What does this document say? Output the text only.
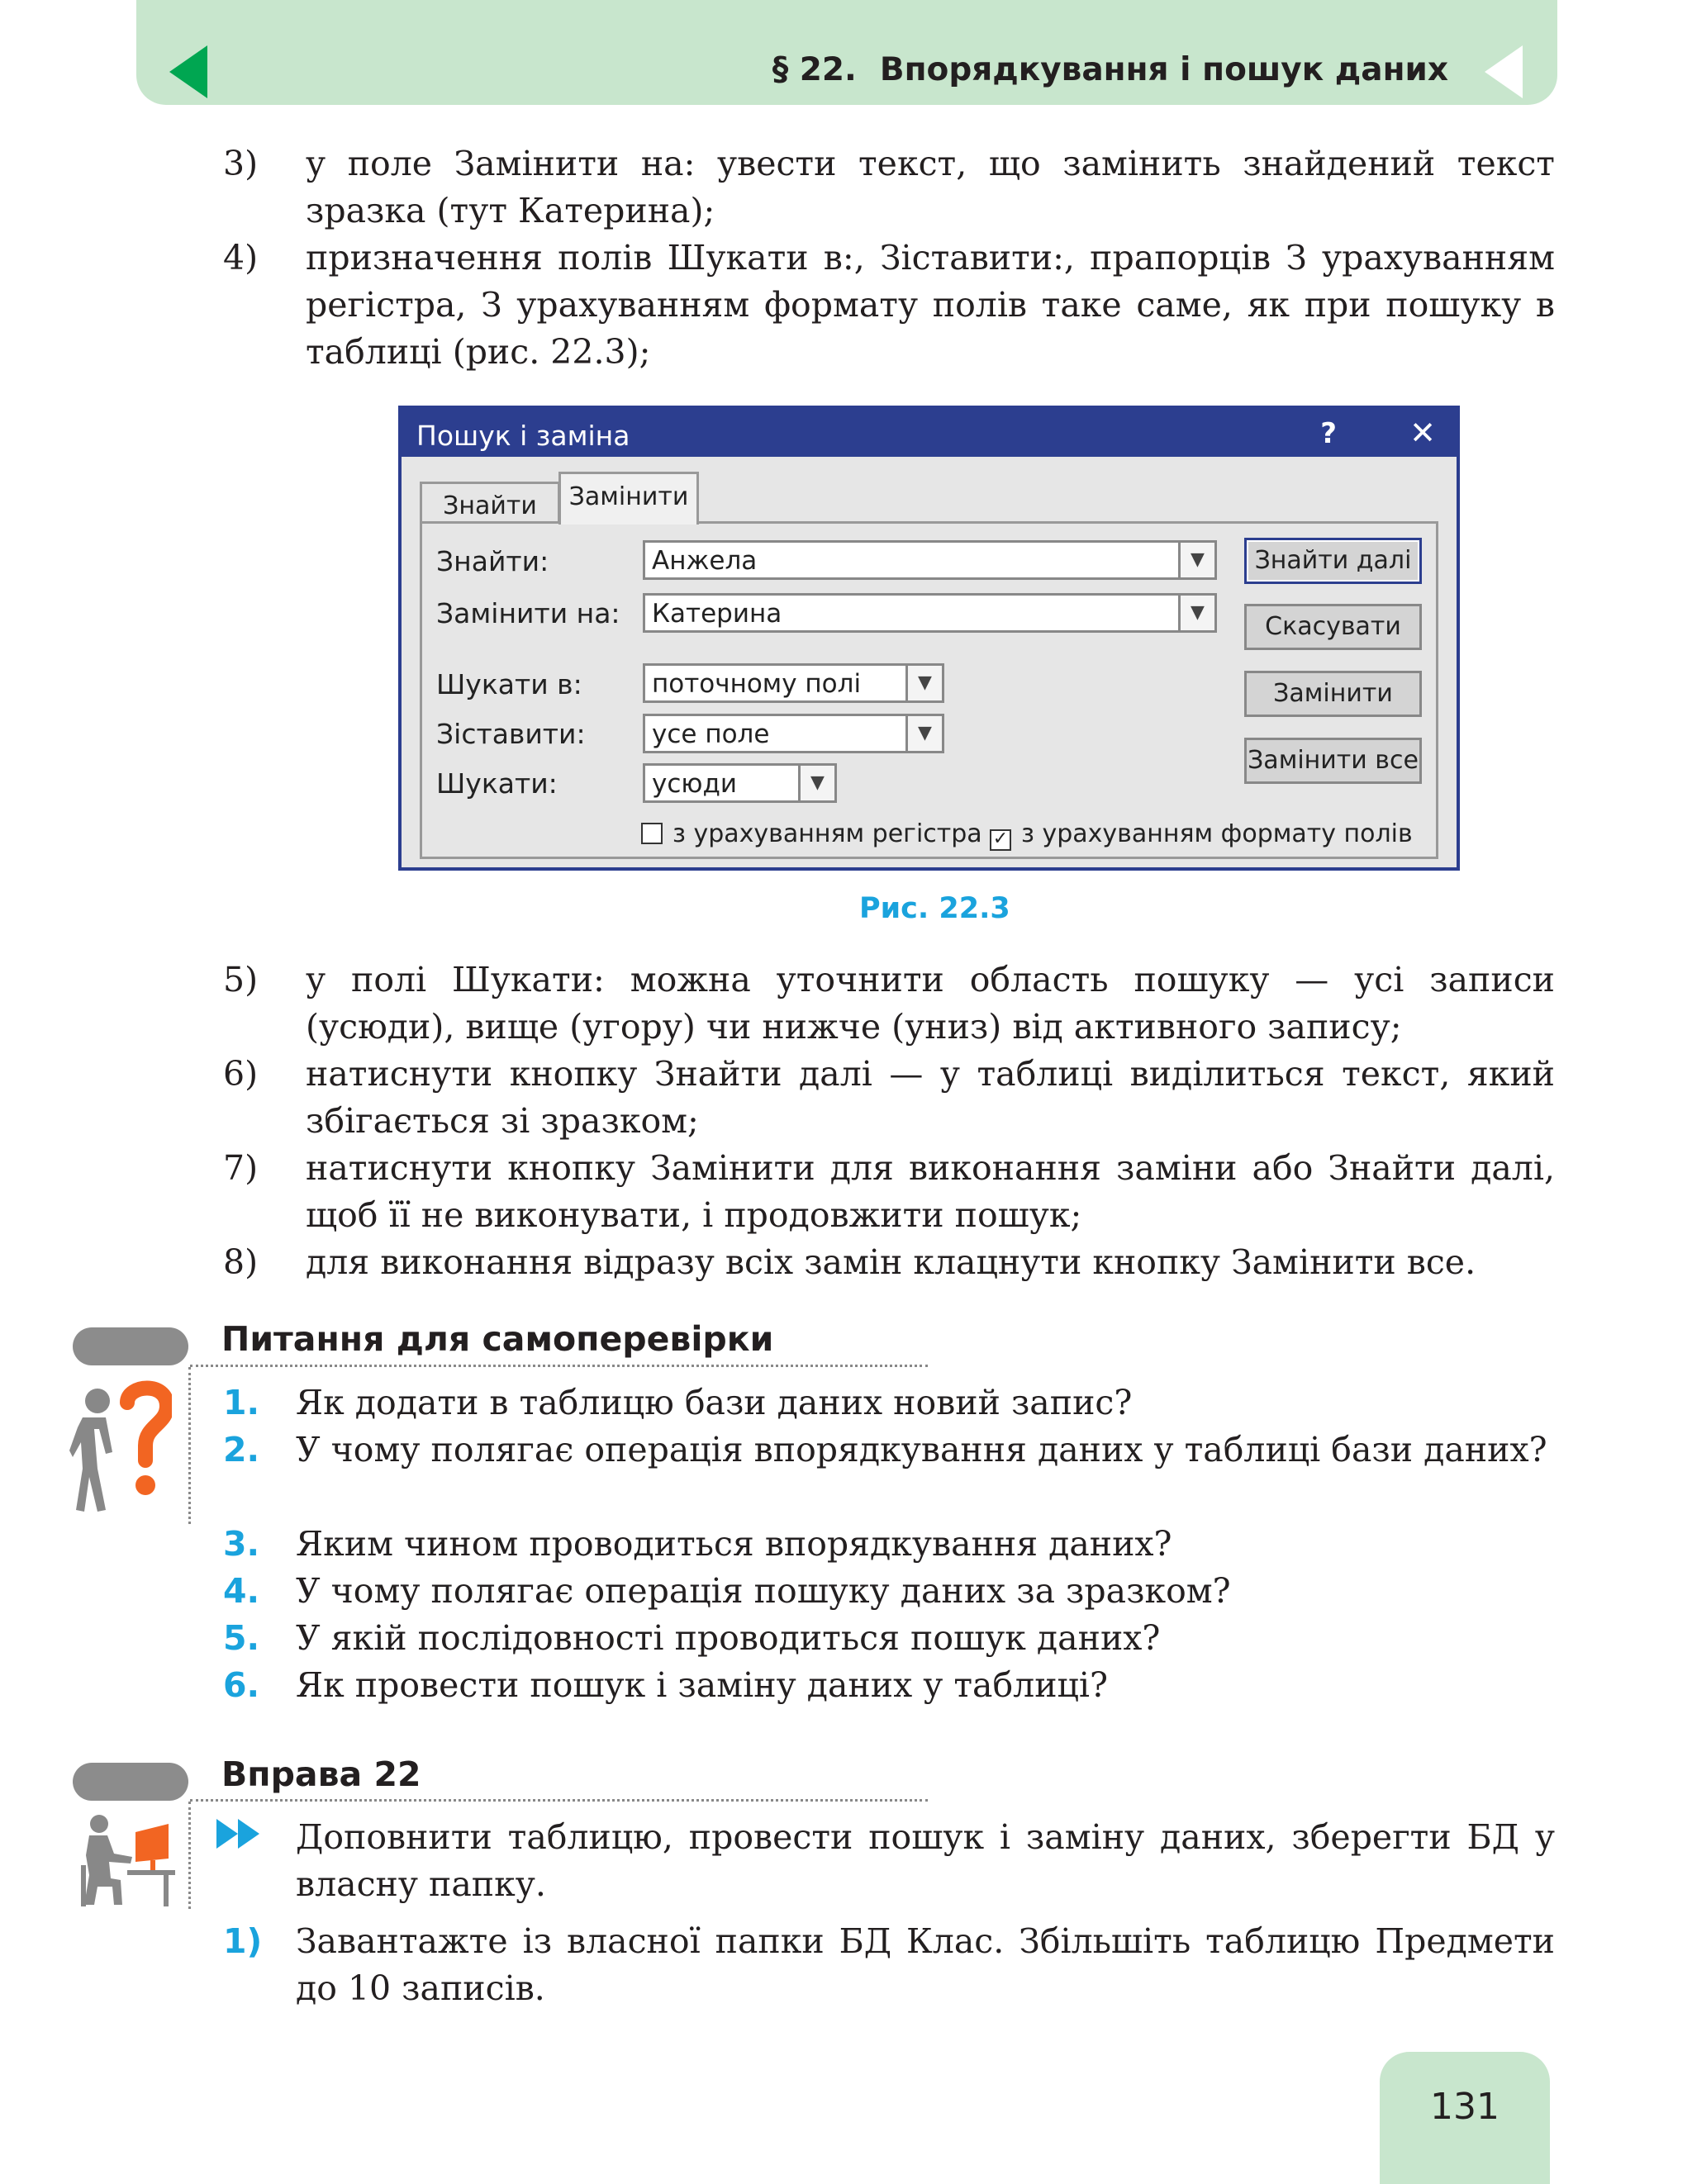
§ 22. Впорядкування і пошук даних
3) у поле Замінити на: увести текст, що замінить знайдений текст зразка (тут Катерина);
4) призначення полів Шукати в:, Зіставити:, прапорців З урахуванням регістра, З урахуванням формату полів таке саме, як при пошуку в таблиці (рис. 22.3);
Пошук і заміна	? ✕
Знайти	Замінити
Знайти:	Анжела	▼
Замінити на: Катерина	▼
Шукати в:	поточному полі	▼
Зіставити:	усе поле	▼
Шукати:	усюди	▼
з урахуванням регістра ✓ з урахуванням формату полів
Знайти далі
Скасувати
Замінити
Замінити все
Рис. 22.3
5) у полі Шукати: можна уточнити область пошуку — усі записи (усюди), вище (угору) чи нижче (униз) від активного запису;
6) натиснути кнопку Знайти далі — у таблиці виділиться текст, який збігається зі зразком;
7) натиснути кнопку Замінити для виконання заміни або Знайти далі, щоб її не виконувати, і продовжити пошук;
8) для виконання відразу всіх замін клацнути кнопку Замінити все.
Питання для самоперевірки
1. Як додати в таблицю бази даних новий запис?
2. У чому полягає операція впорядкування даних у таблиці бази даних?
3. Яким чином проводиться впорядкування даних?
4. У чому полягає операція пошуку даних за зразком?
5. У якій послідовності проводиться пошук даних?
6. Як провести пошук і заміну даних у таблиці?
Вправа 22
Доповнити таблицю, провести пошук і заміну даних, зберегти БД у власну папку.
1) Завантажте із власної папки БД Клас. Збільшіть таблицю Предмети до 10 записів.
131
